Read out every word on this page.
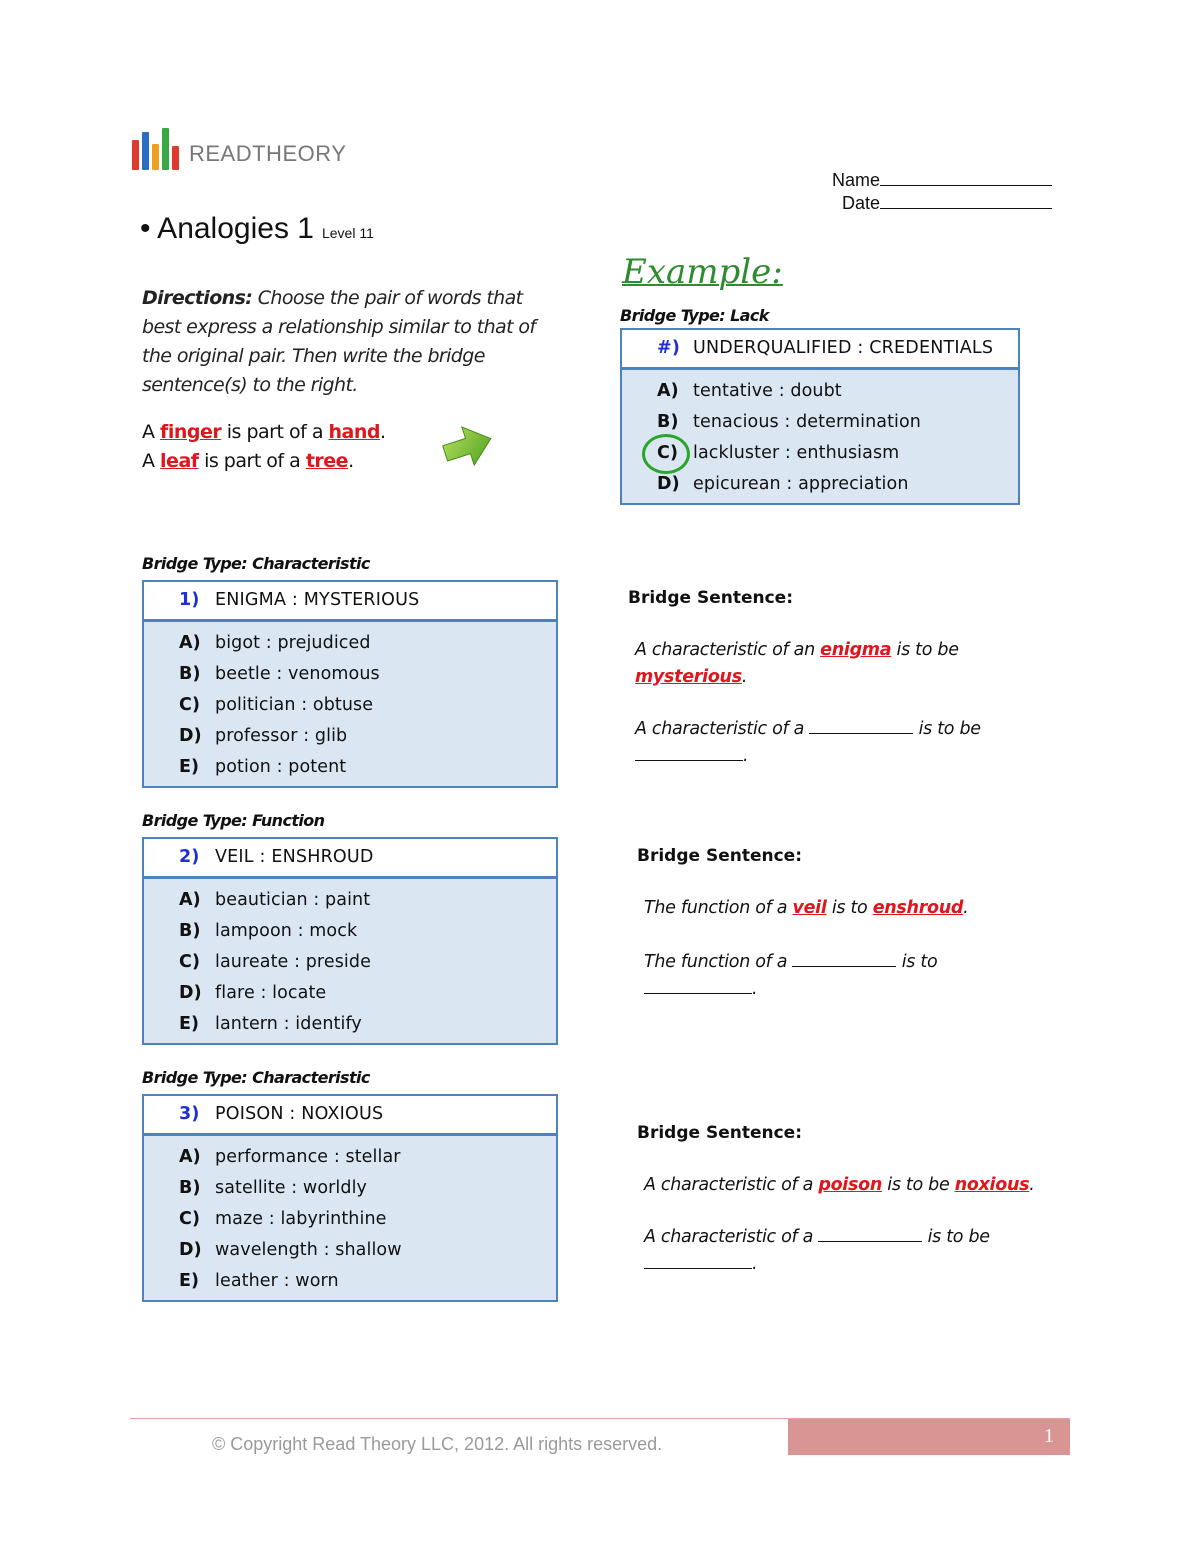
READTHEORY
Name
Date
• Analogies 1 Level 11
Directions: Choose the pair of words that best express a relationship similar to that of the original pair. Then write the bridge sentence(s) to the right.
A finger is part of a hand.
A leaf is part of a tree.
Example:
Bridge Type: Lack
#) UNDERQUALIFIED : CREDENTIALS
A) tentative : doubt
B) tenacious : determination
C) lackluster : enthusiasm
D) epicurean : appreciation
Bridge Type: Characteristic
1) ENIGMA : MYSTERIOUS
A) bigot : prejudiced
B) beetle : venomous
C) politician : obtuse
D) professor : glib
E) potion : potent
Bridge Sentence:
A characteristic of an enigma is to be
mysterious.
A characteristic of a	is to be
.
Bridge Type: Function
2) VEIL : ENSHROUD
A) beautician : paint
B) lampoon : mock
C) laureate : preside
D) flare : locate
E) lantern : identify
Bridge Sentence:
The function of a veil is to enshroud.
The function of a	is to
.
Bridge Type: Characteristic
3) POISON : NOXIOUS
A) performance : stellar
B) satellite : worldly
C) maze : labyrinthine
D) wavelength : shallow
E) leather : worn
Bridge Sentence:
A characteristic of a poison is to be noxious.
A characteristic of a	is to be
.
© Copyright Read Theory LLC, 2012. All rights reserved.	1
